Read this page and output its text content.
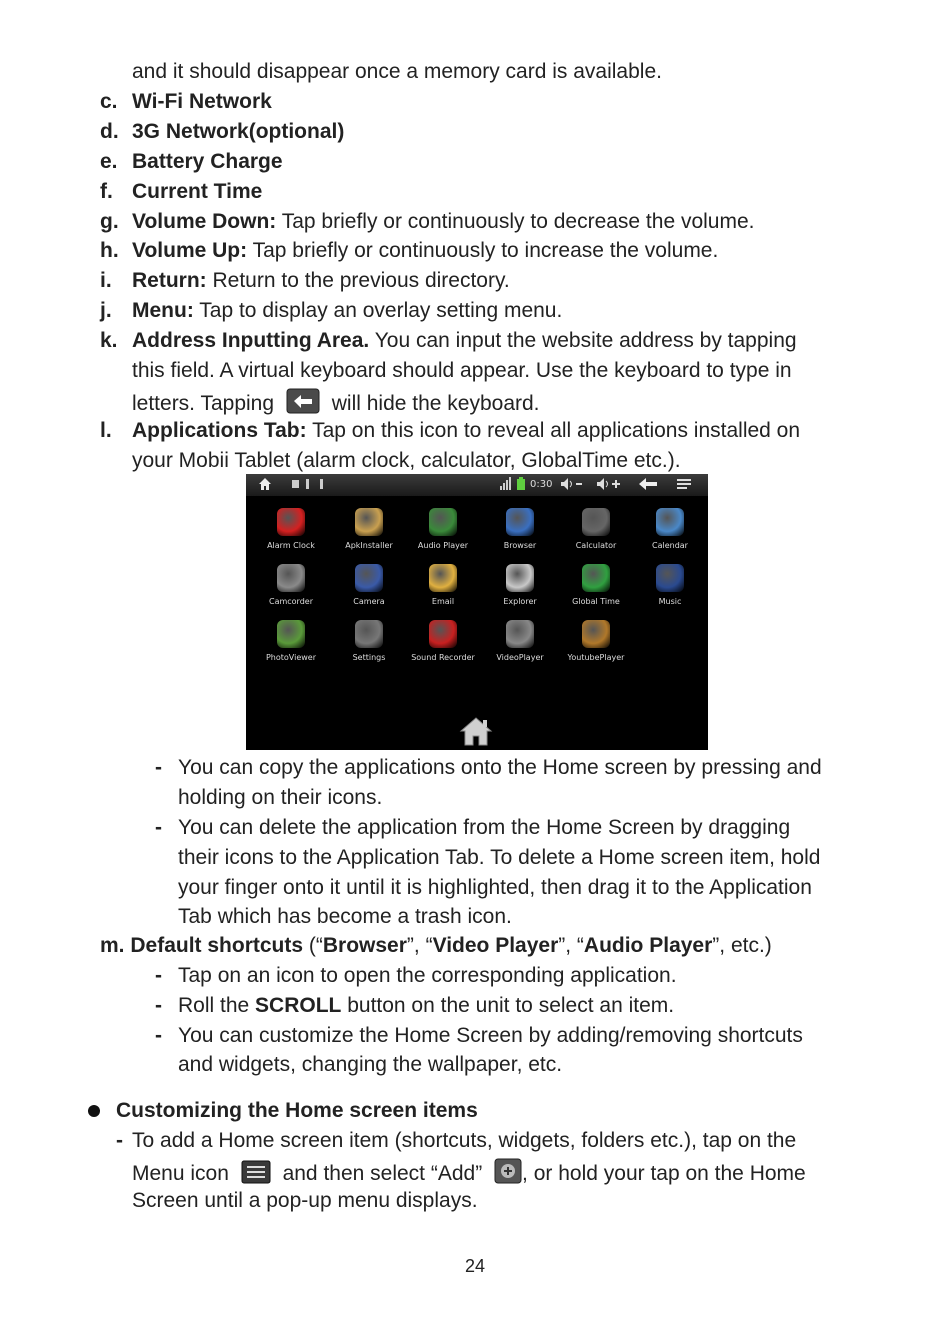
and it should disappear once a memory card is available.
c. Wi-Fi Network
d. 3G Network(optional)
e. Battery Charge
f. Current Time
g. Volume Down: Tap briefly or continuously to decrease the volume.
h. Volume Up: Tap briefly or continuously to increase the volume.
i. Return: Return to the previous directory.
j. Menu: Tap to display an overlay setting menu.
k. Address Inputting Area. You can input the website address by tapping
this field. A virtual keyboard should appear. Use the keyboard to type in
letters. Tapping	will hide the keyboard.
l. Applications Tab: Tap on this icon to reveal all applications installed on
your Mobii Tablet (alarm clock, calculator, GlobalTime etc.).
0:30
Alarm Clock	ApkInstaller	Audio Player	Browser	Calculator	Calendar
Camcorder	Camera	Email	Explorer	Global Time	Music
PhotoViewer	Settings	Sound Recorder	VideoPlayer	YoutubePlayer
- You can copy the applications onto the Home screen by pressing and
holding on their icons.
- You can delete the application from the Home Screen by dragging
their icons to the Application Tab. To delete a Home screen item, hold
your finger onto it until it is highlighted, then drag it to the Application
Tab which has become a trash icon.
m. Default shortcuts (“Browser”, “Video Player”, “Audio Player”, etc.)
- Tap on an icon to open the corresponding application.
- Roll the SCROLL button on the unit to select an item.
- You can customize the Home Screen by adding/removing shortcuts
and widgets, changing the wallpaper, etc.
Customizing the Home screen items
- To add a Home screen item (shortcuts, widgets, folders etc.), tap on the
Menu icon	and then select “Add” , or hold your tap on the Home
Screen until a pop-up menu displays.
24
